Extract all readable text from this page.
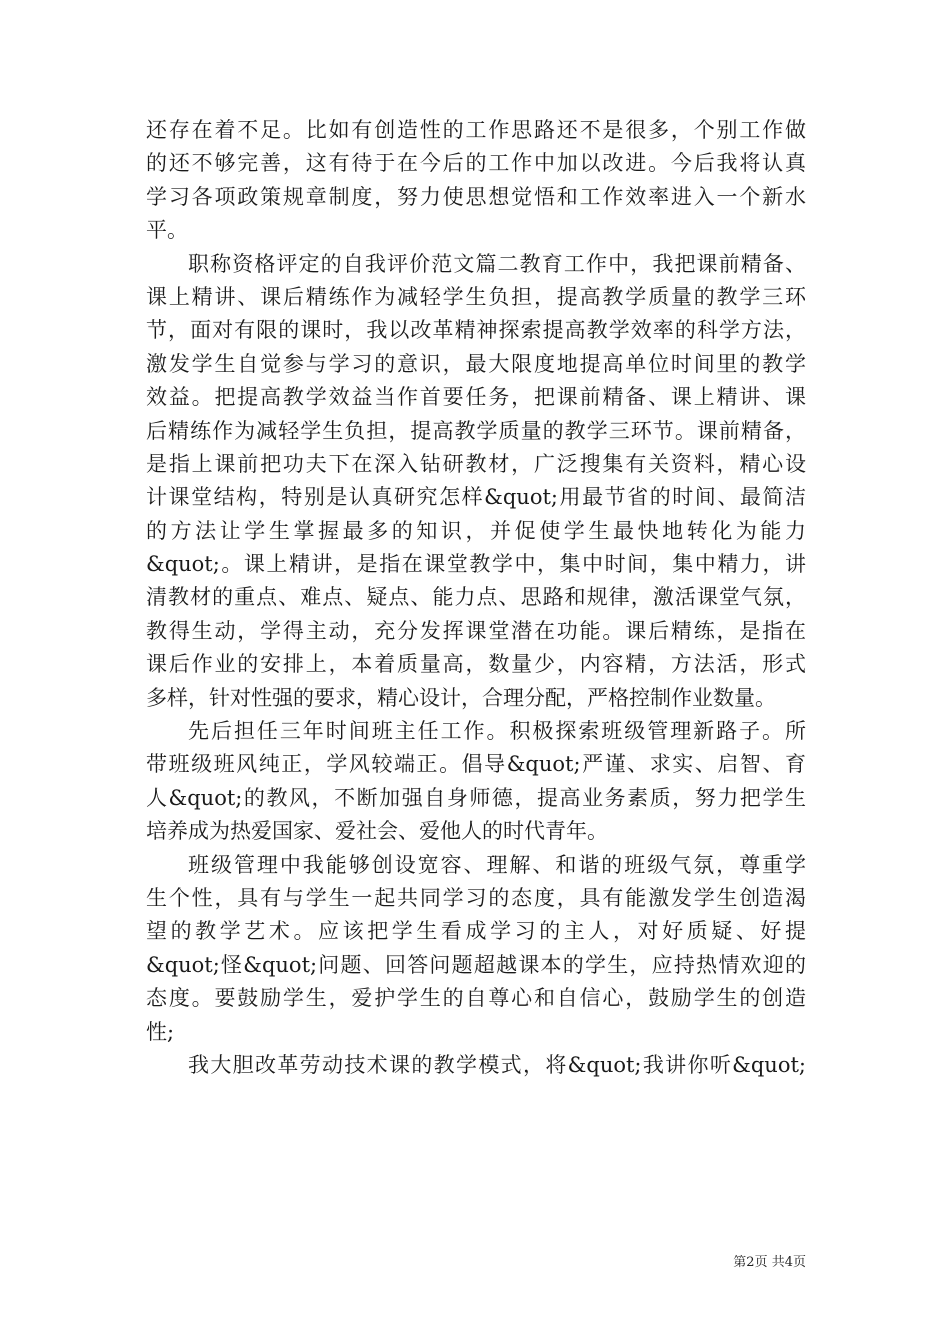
还存在着不足。比如有创造性的工作思路还不是很多，个别工作做
的还不够完善，这有待于在今后的工作中加以改进。今后我将认真
学习各项政策规章制度，努力使思想觉悟和工作效率进入一个新水
平。
职称资格评定的自我评价范文篇二教育工作中，我把课前精备、
课上精讲、课后精练作为减轻学生负担，提高教学质量的教学三环
节，面对有限的课时，我以改革精神探索提高教学效率的科学方法，
激发学生自觉参与学习的意识，最大限度地提高单位时间里的教学
效益。把提高教学效益当作首要任务，把课前精备、课上精讲、课
后精练作为减轻学生负担，提高教学质量的教学三环节。课前精备，
是指上课前把功夫下在深入钻研教材，广泛搜集有关资料，精心设
计课堂结构，特别是认真研究怎样&quot;用最节省的时间、最简洁
的方法让学生掌握最多的知识，并促使学生最快地转化为能力
&quot;。课上精讲，是指在课堂教学中，集中时间，集中精力，讲
清教材的重点、难点、疑点、能力点、思路和规律，激活课堂气氛，
教得生动，学得主动，充分发挥课堂潜在功能。课后精练，是指在
课后作业的安排上，本着质量高，数量少，内容精，方法活，形式
多样，针对性强的要求，精心设计，合理分配，严格控制作业数量。
先后担任三年时间班主任工作。积极探索班级管理新路子。所
带班级班风纯正，学风较端正。倡导&quot;严谨、求实、启智、育
人&quot;的教风，不断加强自身师德，提高业务素质，努力把学生
培养成为热爱国家、爱社会、爱他人的时代青年。
班级管理中我能够创设宽容、理解、和谐的班级气氛，尊重学
生个性，具有与学生一起共同学习的态度，具有能激发学生创造渴
望的教学艺术。应该把学生看成学习的主人，对好质疑、好提
&quot;怪&quot;问题、回答问题超越课本的学生，应持热情欢迎的
态度。要鼓励学生，爱护学生的自尊心和自信心，鼓励学生的创造
性;
我大胆改革劳动技术课的教学模式，将&quot;我讲你听&quot;
第2页 共4页
